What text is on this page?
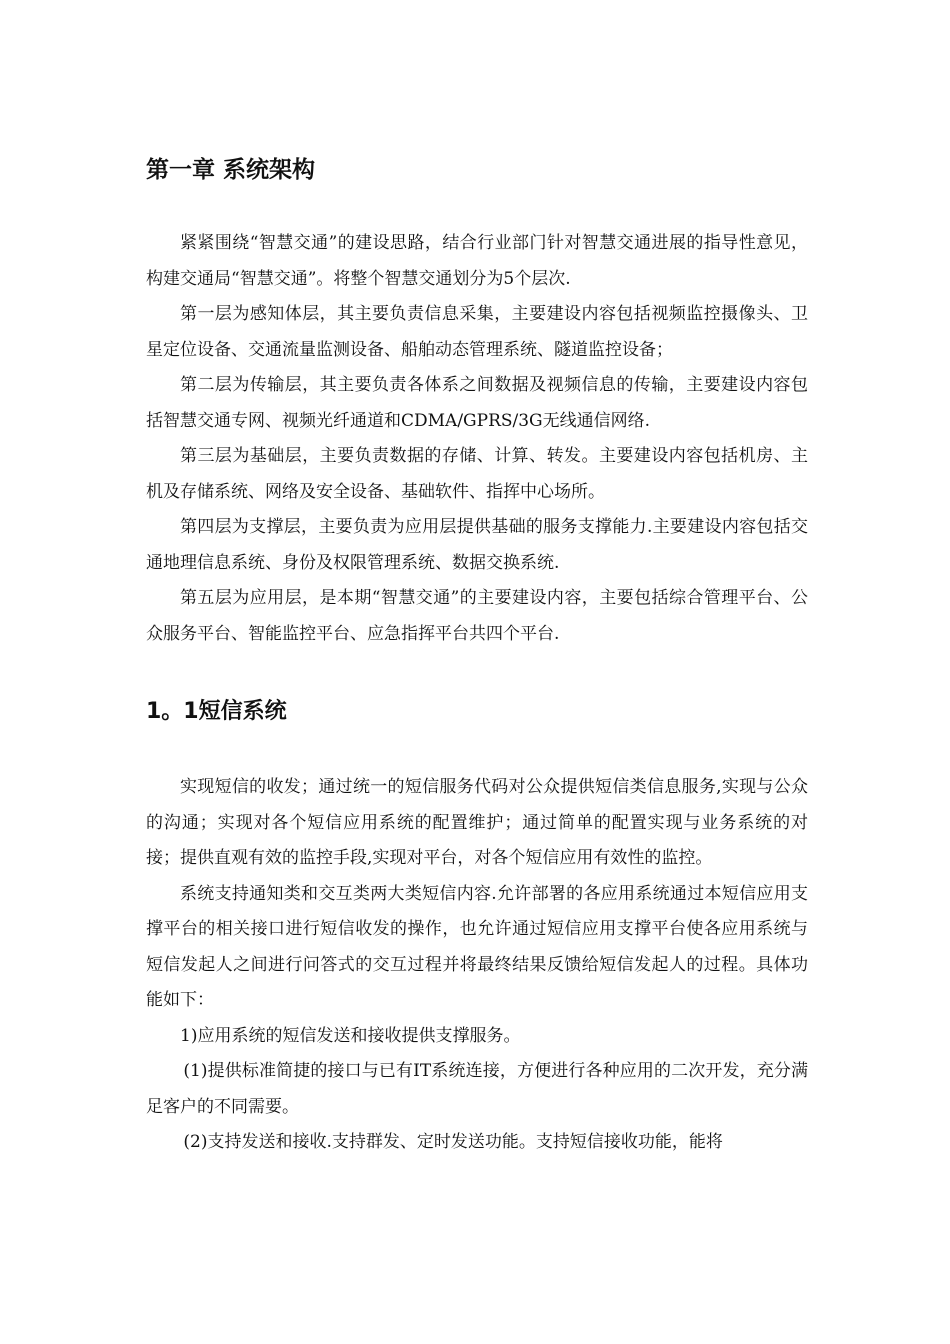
第一章 系统架构

紧紧围绕“智慧交通”的建设思路，结合行业部门针对智慧交通进展的指导性意见，构建交通局“智慧交通”。将整个智慧交通划分为5个层次.

第一层为感知体层，其主要负责信息采集，主要建设内容包括视频监控摄像头、卫星定位设备、交通流量监测设备、船舶动态管理系统、隧道监控设备；

第二层为传输层，其主要负责各体系之间数据及视频信息的传输，主要建设内容包括智慧交通专网、视频光纤通道和CDMA/GPRS/3G无线通信网络.

第三层为基础层，主要负责数据的存储、计算、转发。主要建设内容包括机房、主机及存储系统、网络及安全设备、基础软件、指挥中心场所。

第四层为支撑层，主要负责为应用层提供基础的服务支撑能力.主要建设内容包括交通地理信息系统、身份及权限管理系统、数据交换系统.

第五层为应用层，是本期“智慧交通”的主要建设内容，主要包括综合管理平台、公众服务平台、智能监控平台、应急指挥平台共四个平台.

1。1短信系统

实现短信的收发；通过统一的短信服务代码对公众提供短信类信息服务,实现与公众的沟通；实现对各个短信应用系统的配置维护；通过简单的配置实现与业务系统的对接；提供直观有效的监控手段,实现对平台，对各个短信应用有效性的监控。

系统支持通知类和交互类两大类短信内容.允许部署的各应用系统通过本短信应用支撑平台的相关接口进行短信收发的操作，也允许通过短信应用支撑平台使各应用系统与短信发起人之间进行问答式的交互过程并将最终结果反馈给短信发起人的过程。具体功能如下：

1)应用系统的短信发送和接收提供支撑服务。

(1)提供标准简捷的接口与已有IT系统连接，方便进行各种应用的二次开发，充分满足客户的不同需要。

(2)支持发送和接收.支持群发、定时发送功能。支持短信接收功能，能将
